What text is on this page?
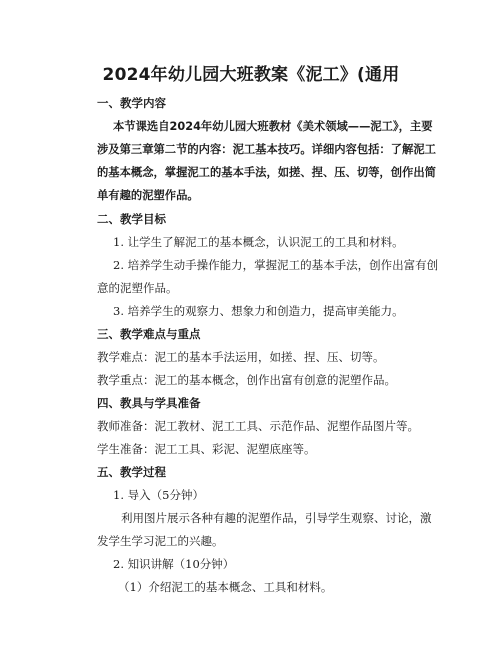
2024年幼儿园大班教案《泥工》(通用
一、教学内容
本节课选自2024年幼儿园大班教材《美术领域——泥工》，主要
涉及第三章第二节的内容：泥工基本技巧。详细内容包括：了解泥工
的基本概念，掌握泥工的基本手法，如搓、捏、压、切等，创作出简
单有趣的泥塑作品。
二、教学目标
1. 让学生了解泥工的基本概念，认识泥工的工具和材料。
2. 培养学生动手操作能力，掌握泥工的基本手法，创作出富有创
意的泥塑作品。
3. 培养学生的观察力、想象力和创造力，提高审美能力。
三、教学难点与重点
教学难点：泥工的基本手法运用，如搓、捏、压、切等。
教学重点：泥工的基本概念，创作出富有创意的泥塑作品。
四、教具与学具准备
教师准备：泥工教材、泥工工具、示范作品、泥塑作品图片等。
学生准备：泥工工具、彩泥、泥塑底座等。
五、教学过程
1. 导入（5分钟）
利用图片展示各种有趣的泥塑作品，引导学生观察、讨论，激
发学生学习泥工的兴趣。
2. 知识讲解（10分钟）
（1）介绍泥工的基本概念、工具和材料。
